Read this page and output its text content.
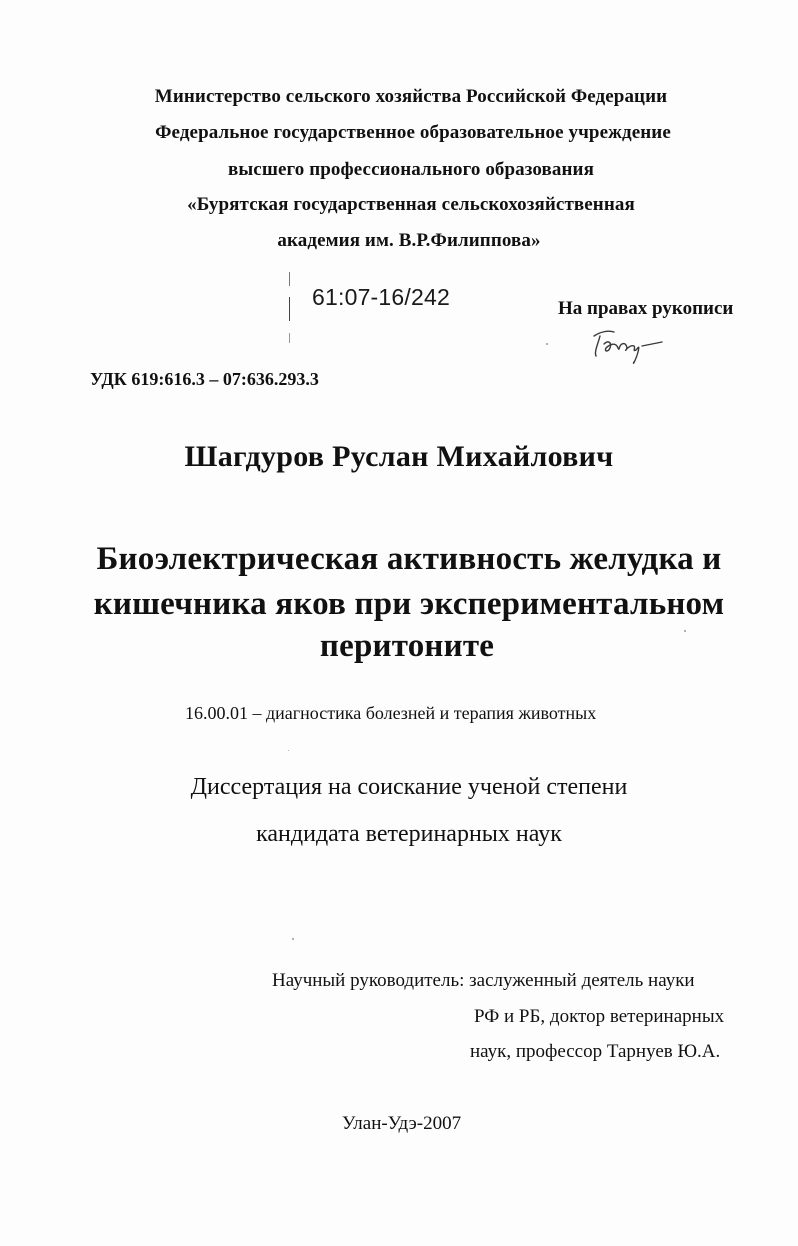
Министерство сельского хозяйства Российской Федерации
Федеральное государственное образовательное учреждение
высшего профессионального образования
«Бурятская государственная сельскохозяйственная
академия им. В.Р.Филиппова»
61:07-16/242	На правах рукописи
УДК 619:616.3 – 07:636.293.3
Шагдуров Руслан Михайлович
Биоэлектрическая активность желудка и
кишечника яков при экспериментальном
перитоните
16.00.01 – диагностика болезней и терапия животных
Диссертация на соискание ученой степени
кандидата ветеринарных наук
Научный руководитель: заслуженный деятель науки
РФ и РБ, доктор ветеринарных
наук, профессор Тарнуев Ю.А.
Улан-Удэ-2007
